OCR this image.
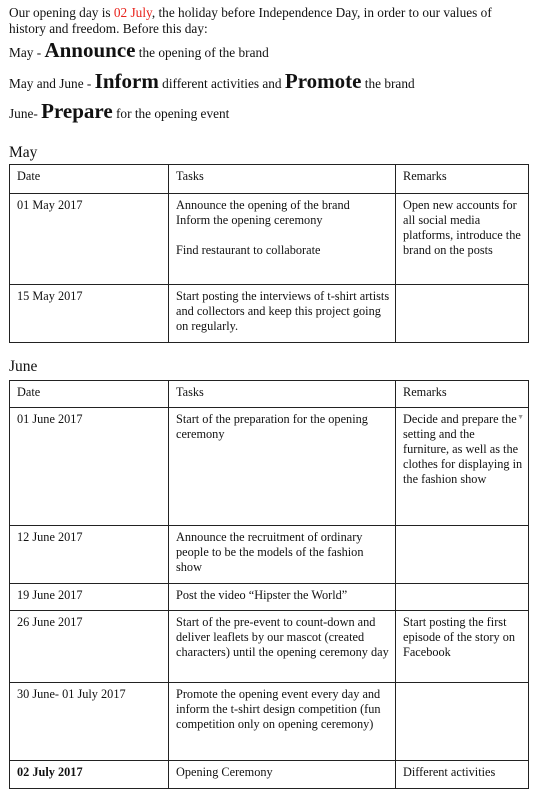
Our opening day is 02 July, the holiday before Independence Day, in order to our values of history and freedom. Before this day:
May - Announce the opening of the brand
May and June - Inform different activities and Promote the brand
June- Prepare for the opening event
May
Date	Tasks	Remarks
01 May 2017	Announce the opening of the brand
Inform the opening ceremony
Find restaurant to collaborate	Open new accounts for all social media platforms, introduce the brand on the posts
15 May 2017	Start posting the interviews of t-shirt artists and collectors and keep this project going on regularly.	
June
Date	Tasks	Remarks
01 June 2017	Start of the preparation for the opening ceremony	Decide and prepare the setting and the furniture, as well as the clothes for displaying in the fashion show
▼

12 June 2017	Announce the recruitment of ordinary people to be the models of the fashion show	
19 June 2017	Post the video “Hipster the World”	
26 June 2017	Start of the pre-event to count-down and deliver leaflets by our mascot (created characters) until the opening ceremony day	Start posting the first episode of the story on Facebook
30 June- 01 July 2017	Promote the opening event every day and inform the t-shirt design competition (fun competition only on opening ceremony)	
02 July 2017	Opening Ceremony	Different activities
